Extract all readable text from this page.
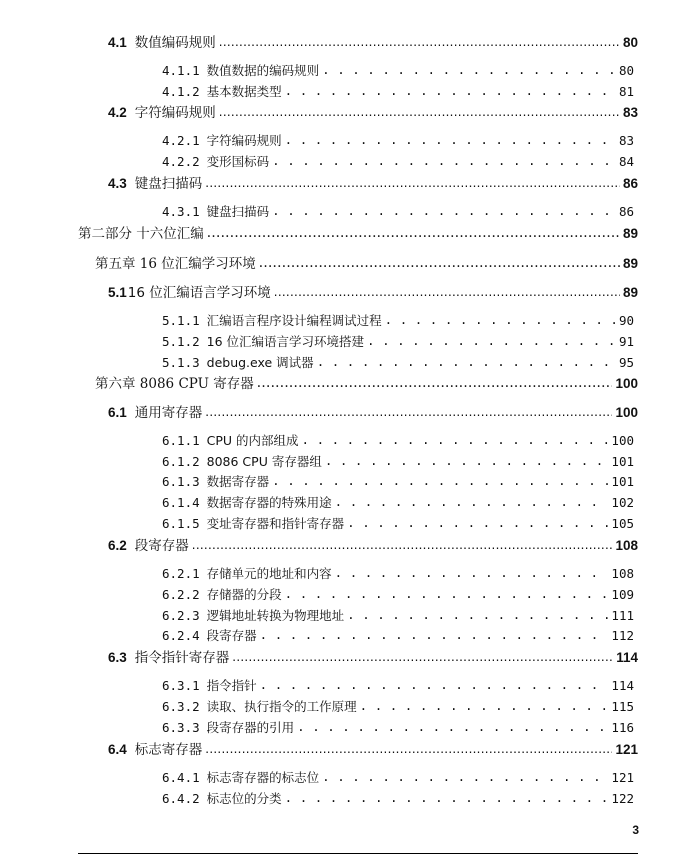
4.1 数值编码规则 .....	80
4.1.1 数值数据的编码规则 . . .	80
4.1.2 基本数据类型 . . .	81
4.2 字符编码规则 .....	83
4.2.1 字符编码规则 . . .	83
4.2.2 变形国标码 . . .	84
4.3 键盘扫描码 .....	86
4.3.1 键盘扫描码 . . .	86
第二部分 十六位汇编 .....	89
第五章 16 位汇编学习环境 .....	89
5.1 16 位汇编语言学习环境 .....	89
5.1.1 汇编语言程序设计编程调试过程 . . .	90
5.1.2 16 位汇编语言学习环境搭建 . . .	91
5.1.3 debug.exe 调试器 . . .	95
第六章 8086 CPU 寄存器 .....	100
6.1 通用寄存器 .....	100
6.1.1 CPU 的内部组成 . . .	100
6.1.2 8086 CPU 寄存器组 . . .	101
6.1.3 数据寄存器 . . .	101
6.1.4 数据寄存器的特殊用途 . . .	102
6.1.5 变址寄存器和指针寄存器 . . .	105
6.2 段寄存器 .....	108
6.2.1 存储单元的地址和内容 . . .	108
6.2.2 存储器的分段 . . .	109
6.2.3 逻辑地址转换为物理地址 . . .	111
6.2.4 段寄存器 . . .	112
6.3 指令指针寄存器 .....	114
6.3.1 指令指针 . . .	114
6.3.2 读取、执行指令的工作原理 . . .	115
6.3.3 段寄存器的引用 . . .	116
6.4 标志寄存器 .....	121
6.4.1 标志寄存器的标志位 . . .	121
6.4.2 标志位的分类 . . .	122
3
